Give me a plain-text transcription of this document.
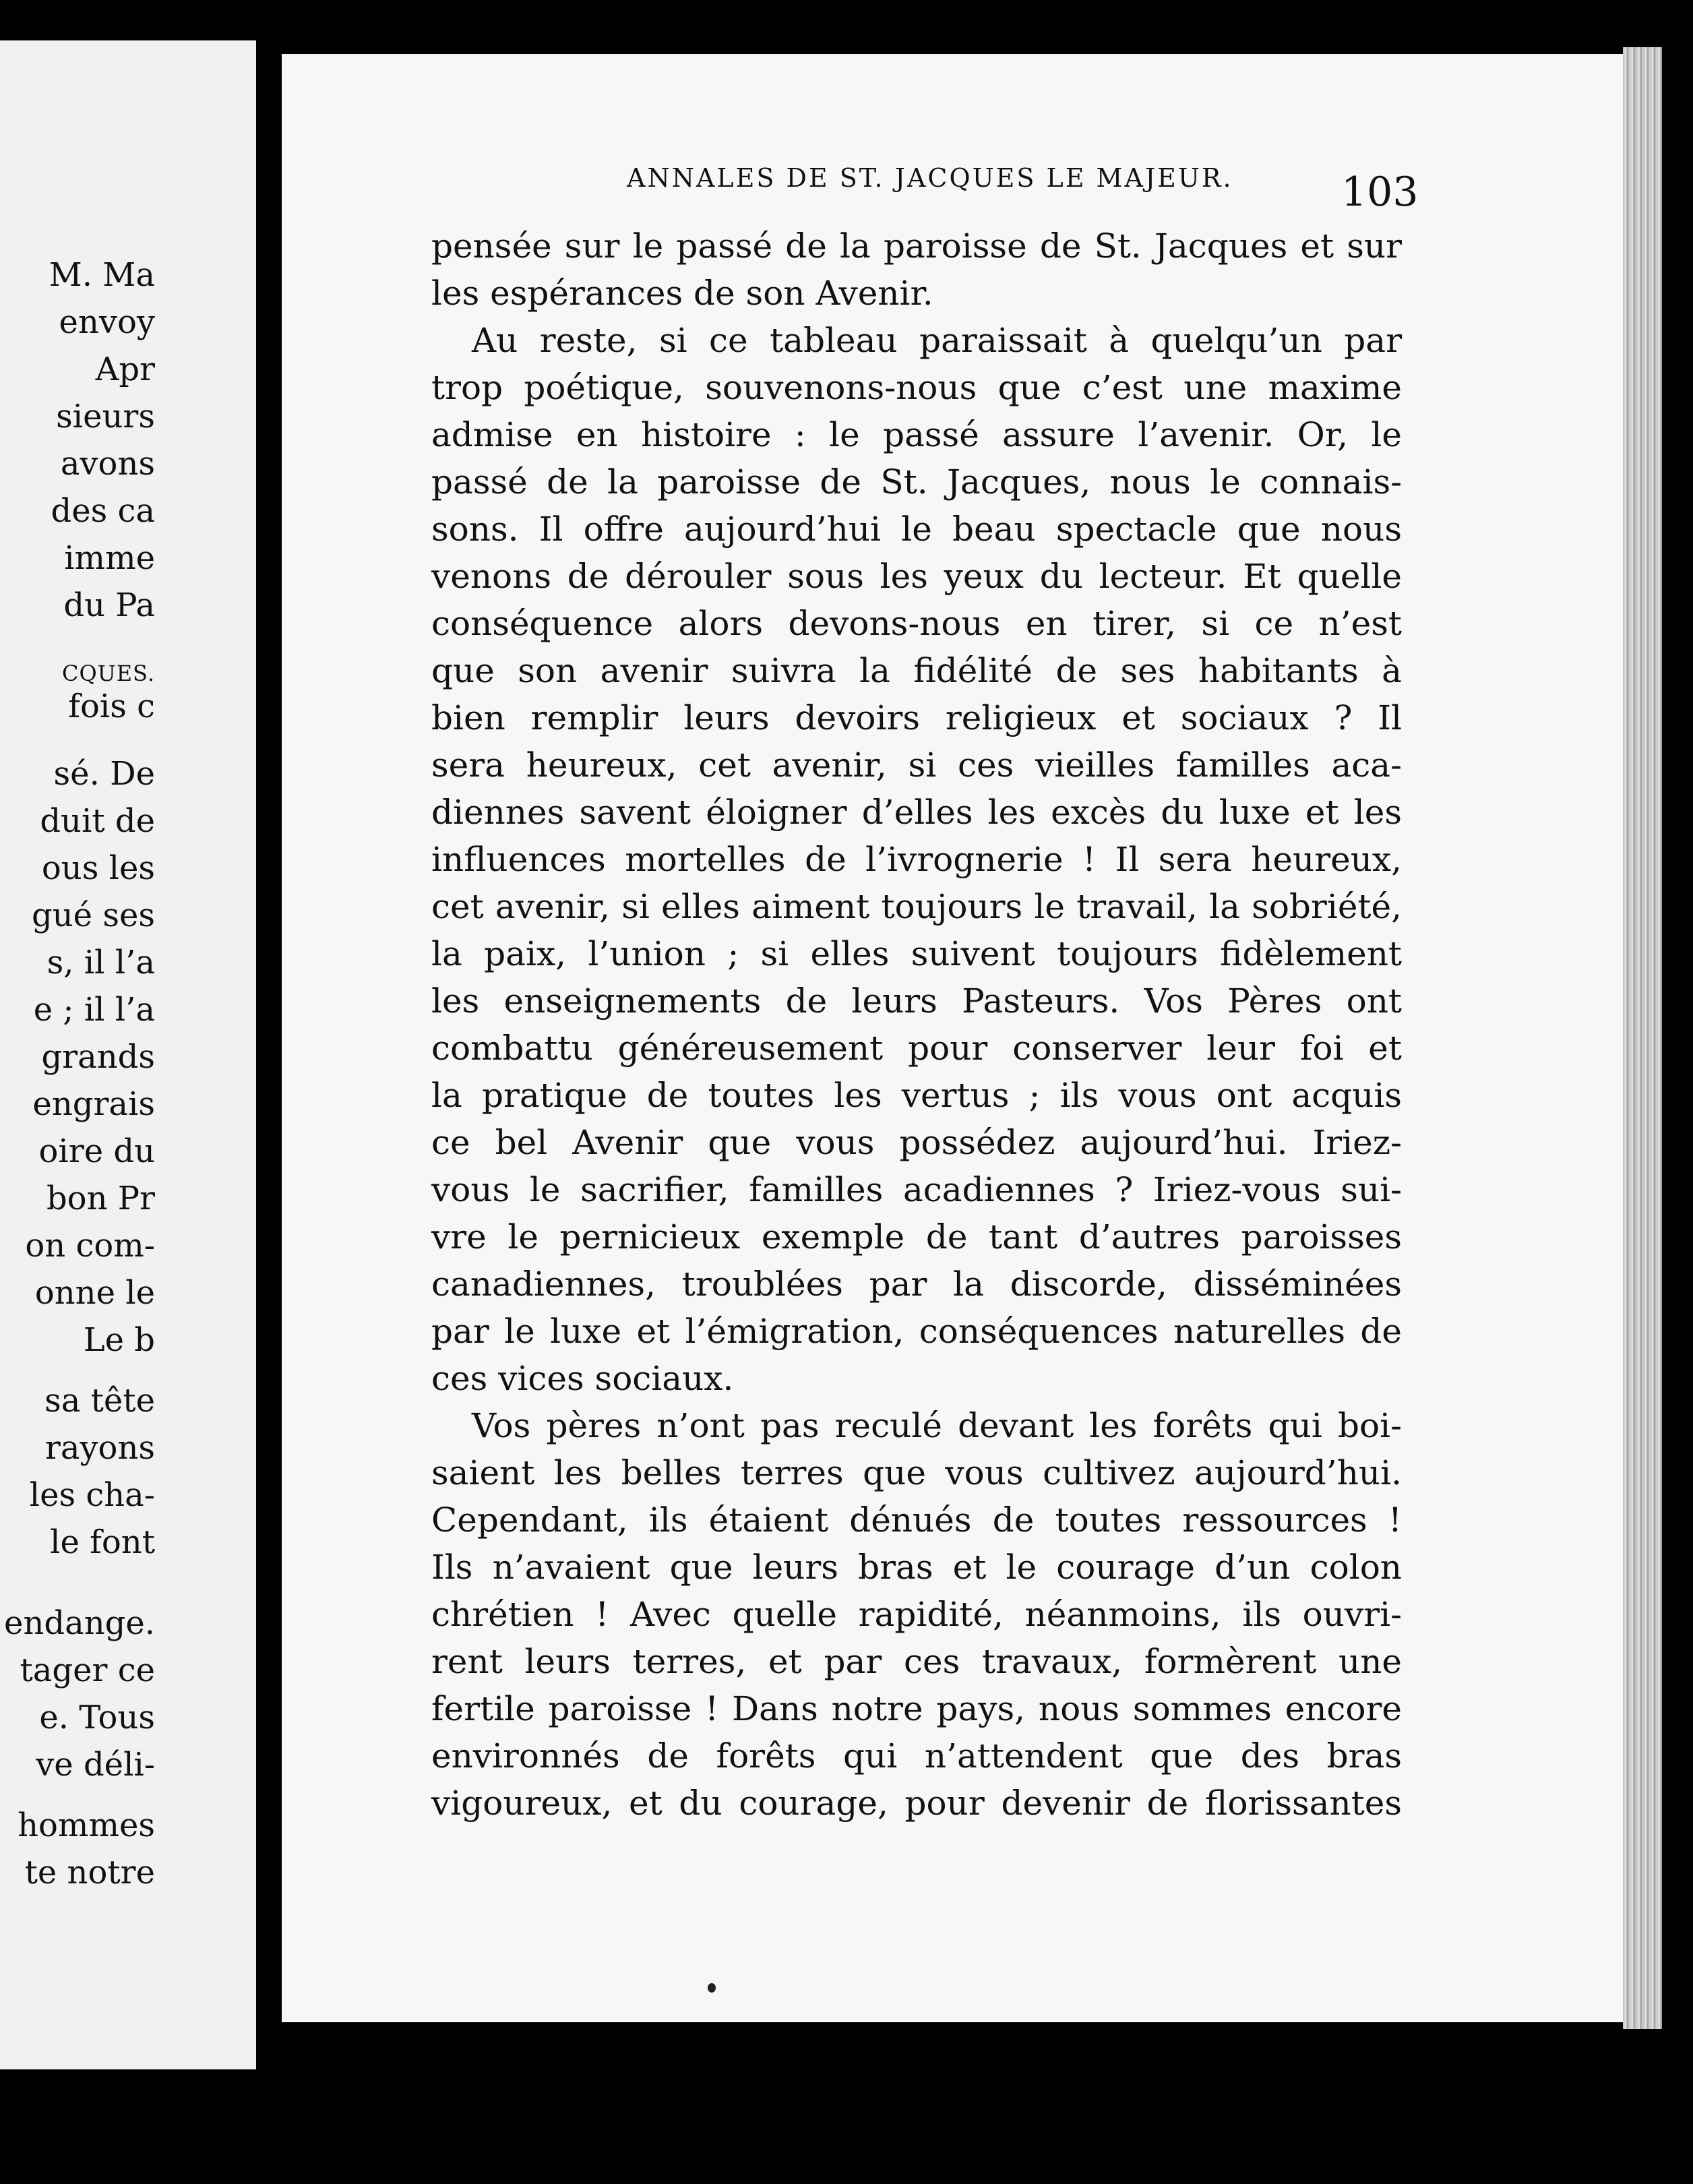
M. Ma
envoy
Apr
sieurs
avons
des ca
imme
du Pa
CQUES.
fois c
sé. De
duit de
ous les
gué ses
s, il l’a
e ; il l’a
grands
engrais
oire du
bon Pr
on com-
onne le
Le b
sa tête
rayons
les cha-
le font
endange.
tager ce
e. Tous
ve déli-
hommes
te notre
ANNALES DE ST. JACQUES LE MAJEUR.	103
pensée sur le passé de la paroisse de St. Jacques et sur
les espérances de son Avenir.
Au reste, si ce tableau paraissait à quelqu’un par
trop poétique, souvenons-nous que c’est une maxime
admise en histoire : le passé assure l’avenir. Or, le
passé de la paroisse de St. Jacques, nous le connais-
sons. Il offre aujourd’hui le beau spectacle que nous
venons de dérouler sous les yeux du lecteur. Et quelle
conséquence alors devons-nous en tirer, si ce n’est
que son avenir suivra la fidélité de ses habitants à
bien remplir leurs devoirs religieux et sociaux ? Il
sera heureux, cet avenir, si ces vieilles familles aca-
diennes savent éloigner d’elles les excès du luxe et les
influences mortelles de l’ivrognerie ! Il sera heureux,
cet avenir, si elles aiment toujours le travail, la sobriété,
la paix, l’union ; si elles suivent toujours fidèlement
les enseignements de leurs Pasteurs. Vos Pères ont
combattu généreusement pour conserver leur foi et
la pratique de toutes les vertus ; ils vous ont acquis
ce bel Avenir que vous possédez aujourd’hui. Iriez-
vous le sacrifier, familles acadiennes ? Iriez-vous sui-
vre le pernicieux exemple de tant d’autres paroisses
canadiennes, troublées par la discorde, disséminées
par le luxe et l’émigration, conséquences naturelles de
ces vices sociaux.
Vos pères n’ont pas reculé devant les forêts qui boi-
saient les belles terres que vous cultivez aujourd’hui.
Cependant, ils étaient dénués de toutes ressources !
Ils n’avaient que leurs bras et le courage d’un colon
chrétien ! Avec quelle rapidité, néanmoins, ils ouvri-
rent leurs terres, et par ces travaux, formèrent une
fertile paroisse ! Dans notre pays, nous sommes encore
environnés de forêts qui n’attendent que des bras
vigoureux, et du courage, pour devenir de florissantes
